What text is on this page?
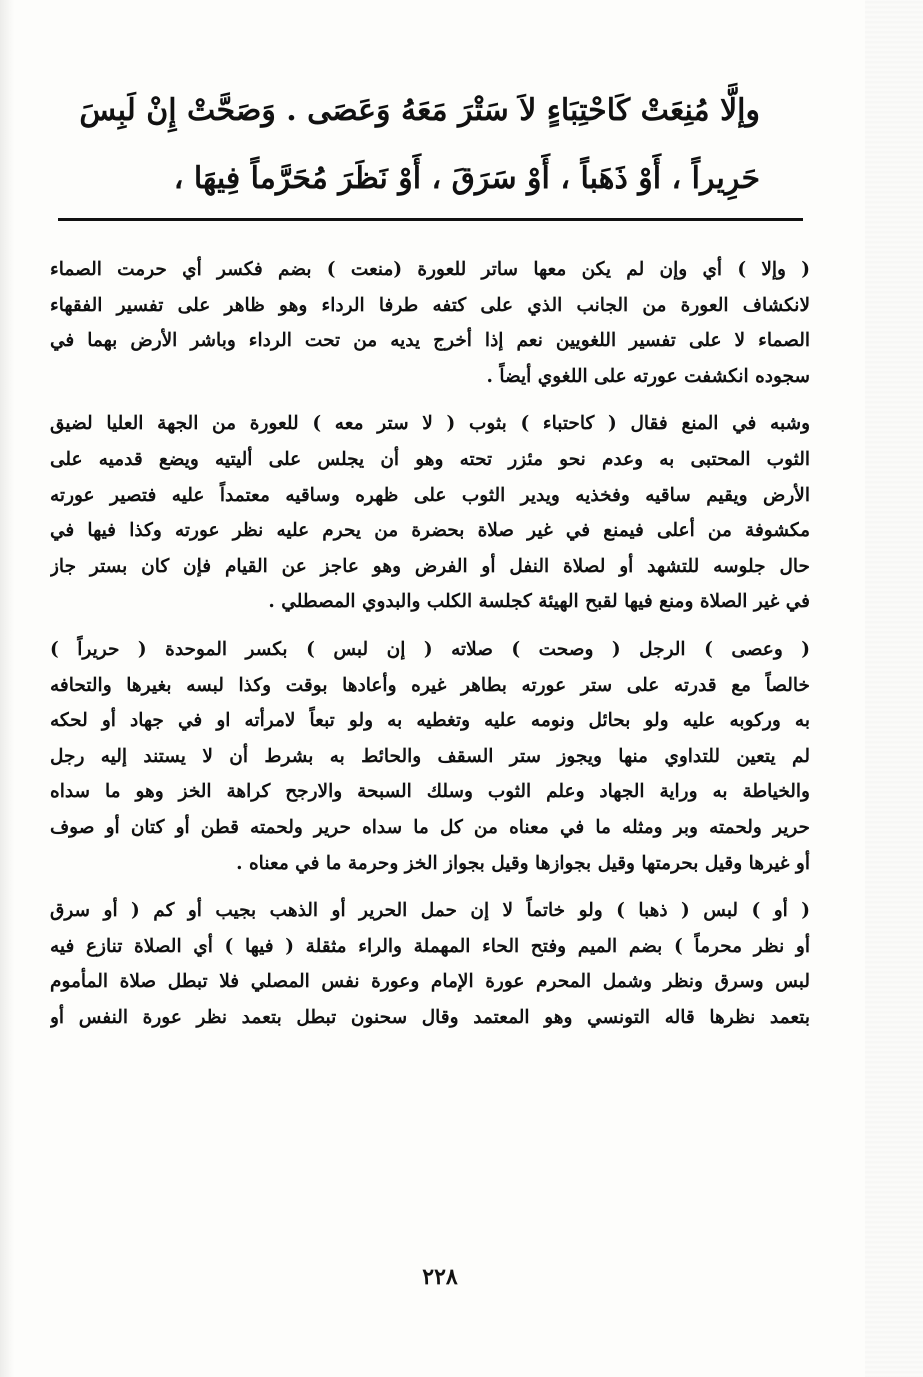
وإلَّا مُنِعَتْ كَاحْتِبَاءٍ لاَ سَتْرَ مَعَهُ وَعَصَى . وَصَحَّتْ إِنْ لَبِسَ
حَرِيراً ، أَوْ ذَهَباً ، أَوْ سَرَقَ ، أَوْ نَظَرَ مُحَرَّماً فِيهَا ،
( وإلا ) أي وإن لم يكن معها ساتر للعورة (منعت ) بضم فكسر أي حرمت الصماء
لانكشاف العورة من الجانب الذي على كتفه طرفا الرداء وهو ظاهر على تفسير الفقهاء
الصماء لا على تفسير اللغويين نعم إذا أخرج يديه من تحت الرداء وباشر الأرض بهما في
سجوده انكشفت عورته على اللغوي أيضاً .
وشبه في المنع فقال ( كاحتباء ) بثوب ( لا ستر معه ) للعورة من الجهة العليا لضيق
الثوب المحتبى به وعدم نحو مئزر تحته وهو أن يجلس على أليتيه ويضع قدميه على
الأرض ويقيم ساقيه وفخذيه ويدير الثوب على ظهره وساقيه معتمداً عليه فتصير عورته
مكشوفة من أعلى فيمنع في غير صلاة بحضرة من يحرم عليه نظر عورته وكذا فيها في
حال جلوسه للتشهد أو لصلاة النفل أو الفرض وهو عاجز عن القيام فإن كان بستر جاز
في غير الصلاة ومنع فيها لقبح الهيئة كجلسة الكلب والبدوي المصطلي .
( وعصى ) الرجل ( وصحت ) صلاته ( إن لبس ) بكسر الموحدة ( حريراً )
خالصاً مع قدرته على ستر عورته بطاهر غيره وأعادها بوقت وكذا لبسه بغيرها والتحافه
به وركوبه عليه ولو بحائل ونومه عليه وتغطيه به ولو تبعاً لامرأته او في جهاد أو لحكه
لم يتعين للتداوي منها ويجوز ستر السقف والحائط به بشرط أن لا يستند إليه رجل
والخياطة به وراية الجهاد وعلم الثوب وسلك السبحة والارجح كراهة الخز وهو ما سداه
حرير ولحمته وبر ومثله ما في معناه من كل ما سداه حرير ولحمته قطن أو كتان أو صوف
أو غيرها وقيل بحرمتها وقيل بجوازها وقيل بجواز الخز وحرمة ما في معناه .
( أو ) لبس ( ذهبا ) ولو خاتماً لا إن حمل الحرير أو الذهب بجيب أو كم ( أو سرق
أو نظر محرماً ) بضم الميم وفتح الحاء المهملة والراء مثقلة ( فيها ) أي الصلاة تنازع فيه
لبس وسرق ونظر وشمل المحرم عورة الإمام وعورة نفس المصلي فلا تبطل صلاة المأموم
بتعمد نظرها قاله التونسي وهو المعتمد وقال سحنون تبطل بتعمد نظر عورة النفس أو
٢٢٨
